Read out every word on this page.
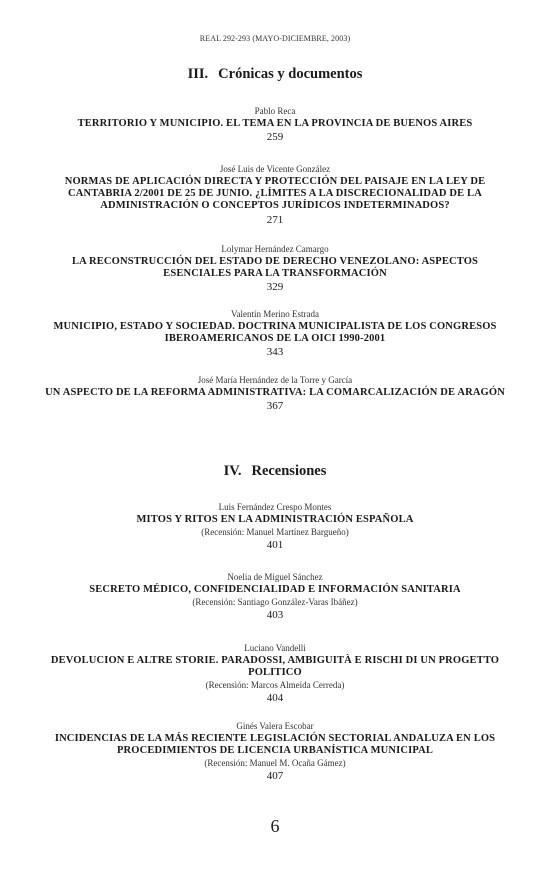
REAL 292-293 (MAYO-DICIEMBRE, 2003)
III. Crónicas y documentos
Pablo Reca
TERRITORIO Y MUNICIPIO. EL TEMA EN LA PROVINCIA DE BUENOS AIRES
259
José Luis de Vicente González
NORMAS DE APLICACIÓN DIRECTA Y PROTECCIÓN DEL PAISAJE EN LA LEY DE CANTABRIA 2/2001 DE 25 DE JUNIO. ¿LÍMITES A LA DISCRECIONALIDAD DE LA ADMINISTRACIÓN O CONCEPTOS JURÍDICOS INDETERMINADOS?
271
Lolymar Hernández Camargo
LA RECONSTRUCCIÓN DEL ESTADO DE DERECHO VENEZOLANO: ASPECTOS ESENCIALES PARA LA TRANSFORMACIÓN
329
Valentín Merino Estrada
MUNICIPIO, ESTADO Y SOCIEDAD. DOCTRINA MUNICIPALISTA DE LOS CONGRESOS IBEROAMERICANOS DE LA OICI 1990-2001
343
José María Hernández de la Torre y García
UN ASPECTO DE LA REFORMA ADMINISTRATIVA: LA COMARCALIZACIÓN DE ARAGÓN
367
IV. Recensiones
Luis Fernández Crespo Montes
MITOS Y RITOS EN LA ADMINISTRACIÓN ESPAÑOLA
(Recensión: Manuel Martínez Bargueño)
401
Noelia de Miguel Sánchez
SECRETO MÉDICO, CONFIDENCIALIDAD E INFORMACIÓN SANITARIA
(Recensión: Santiago González-Varas Ibáñez)
403
Luciano Vandelli
DEVOLUCION E ALTRE STORIE. PARADOSSI, AMBIGUITÀ E RISCHI DI UN PROGETTO POLITICO
(Recensión: Marcos Almeida Cerreda)
404
Ginés Valera Escobar
INCIDENCIAS DE LA MÁS RECIENTE LEGISLACIÓN SECTORIAL ANDALUZA EN LOS PROCEDIMIENTOS DE LICENCIA URBANÍSTICA MUNICIPAL
(Recensión: Manuel M. Ocaña Gámez)
407
6
